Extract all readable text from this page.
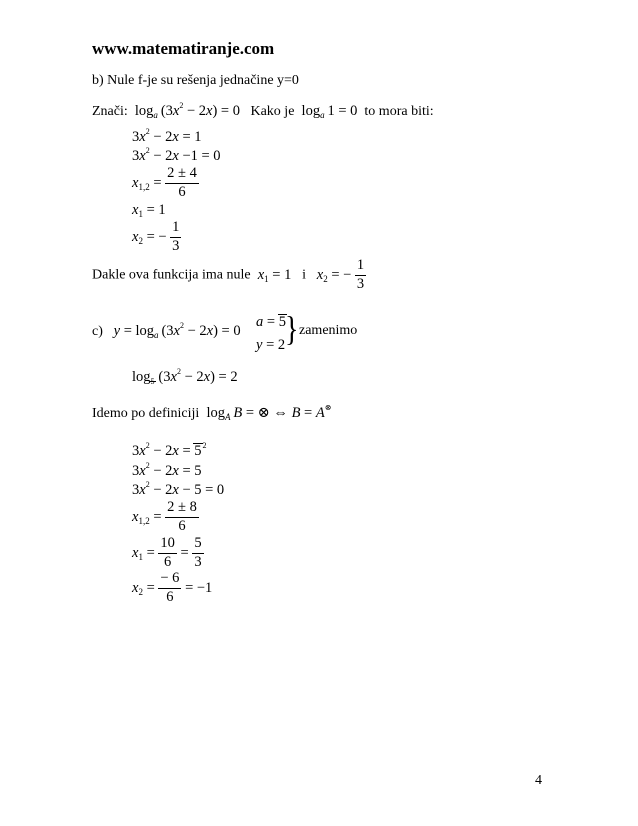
www.matematiranje.com
b) Nule f-je su rešenja jednačine y=0
Znači:  $\log_a (3x^2 - 2x) = 0$ Kako je  $\log_a 1 = 0$ to mora biti:
$3x^2 - 2x = 1$
$3x^2 - 2x -1 = 0$
$x_{1,2} = \frac{2 \pm 4}{6}$
$x_1 = 1$
$x_2$ = − $\frac{1}{3}$
Dakle ova funkcija ima nule $x_1 = 1$   i $x_2$ = − $\frac{1}{3}$
c) $y = \log_a (3x^2 - 2x) = 0$
a = 5
y = 2 } zamenimo
$\log_5 (3x^2 - 2x) = 2$
Idemo po definiciji  $\log_A B$ = ⊗ ⇔ B = A⊗
$3x^2 - 2x = 5^2$
$3x^2 - 2x = 5$
$3x^2 - 2x - 5 = 0$
$x_{1,2} = \frac{2 \pm 8}{6}$
$x_1 = \frac{10}{6} = \frac{5}{3}$
$x_2 = \frac{- 6}{6} = -1$
4
